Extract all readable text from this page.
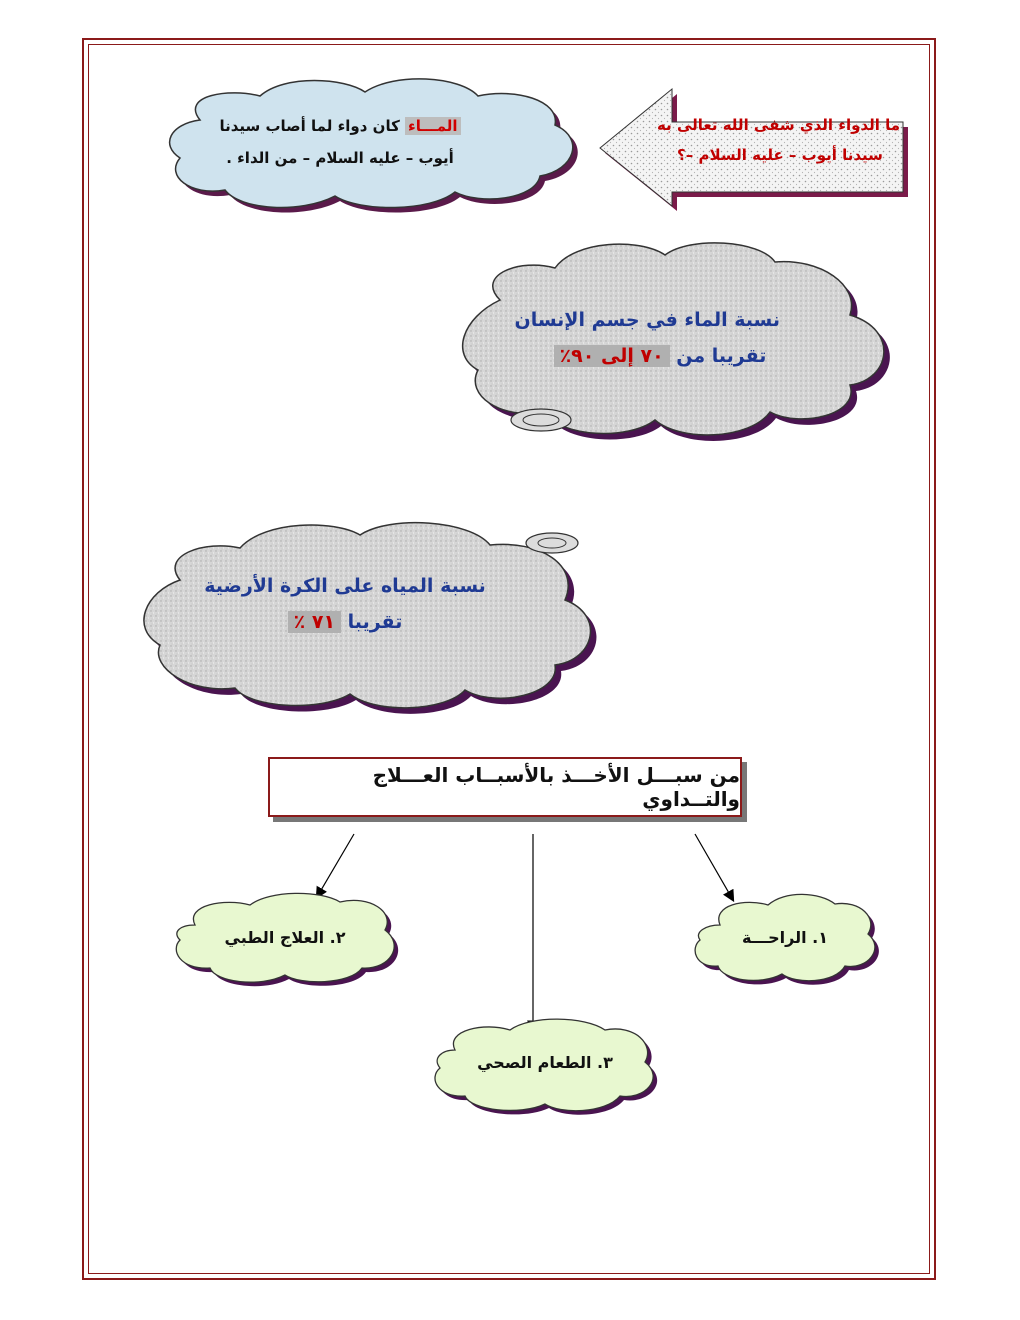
ما الدواء الذي شفى الله تعالى به
سيدنا أيوب – عليه السلام –؟
المـــاء كان دواء لما أصاب سيدنا
أيوب – عليه السلام – من الداء .
نسبة الماء في جسم الإنسان
تقريبا من ٧٠ إلى ٩٠٪
نسبة المياه على الكرة الأرضية
تقريبا ٧١ ٪
من سبـــل الأخـــذ بالأسبــاب العـــلاج والتــداوي
٢. العلاج الطبي	١. الراحـــة
٣. الطعام الصحي
